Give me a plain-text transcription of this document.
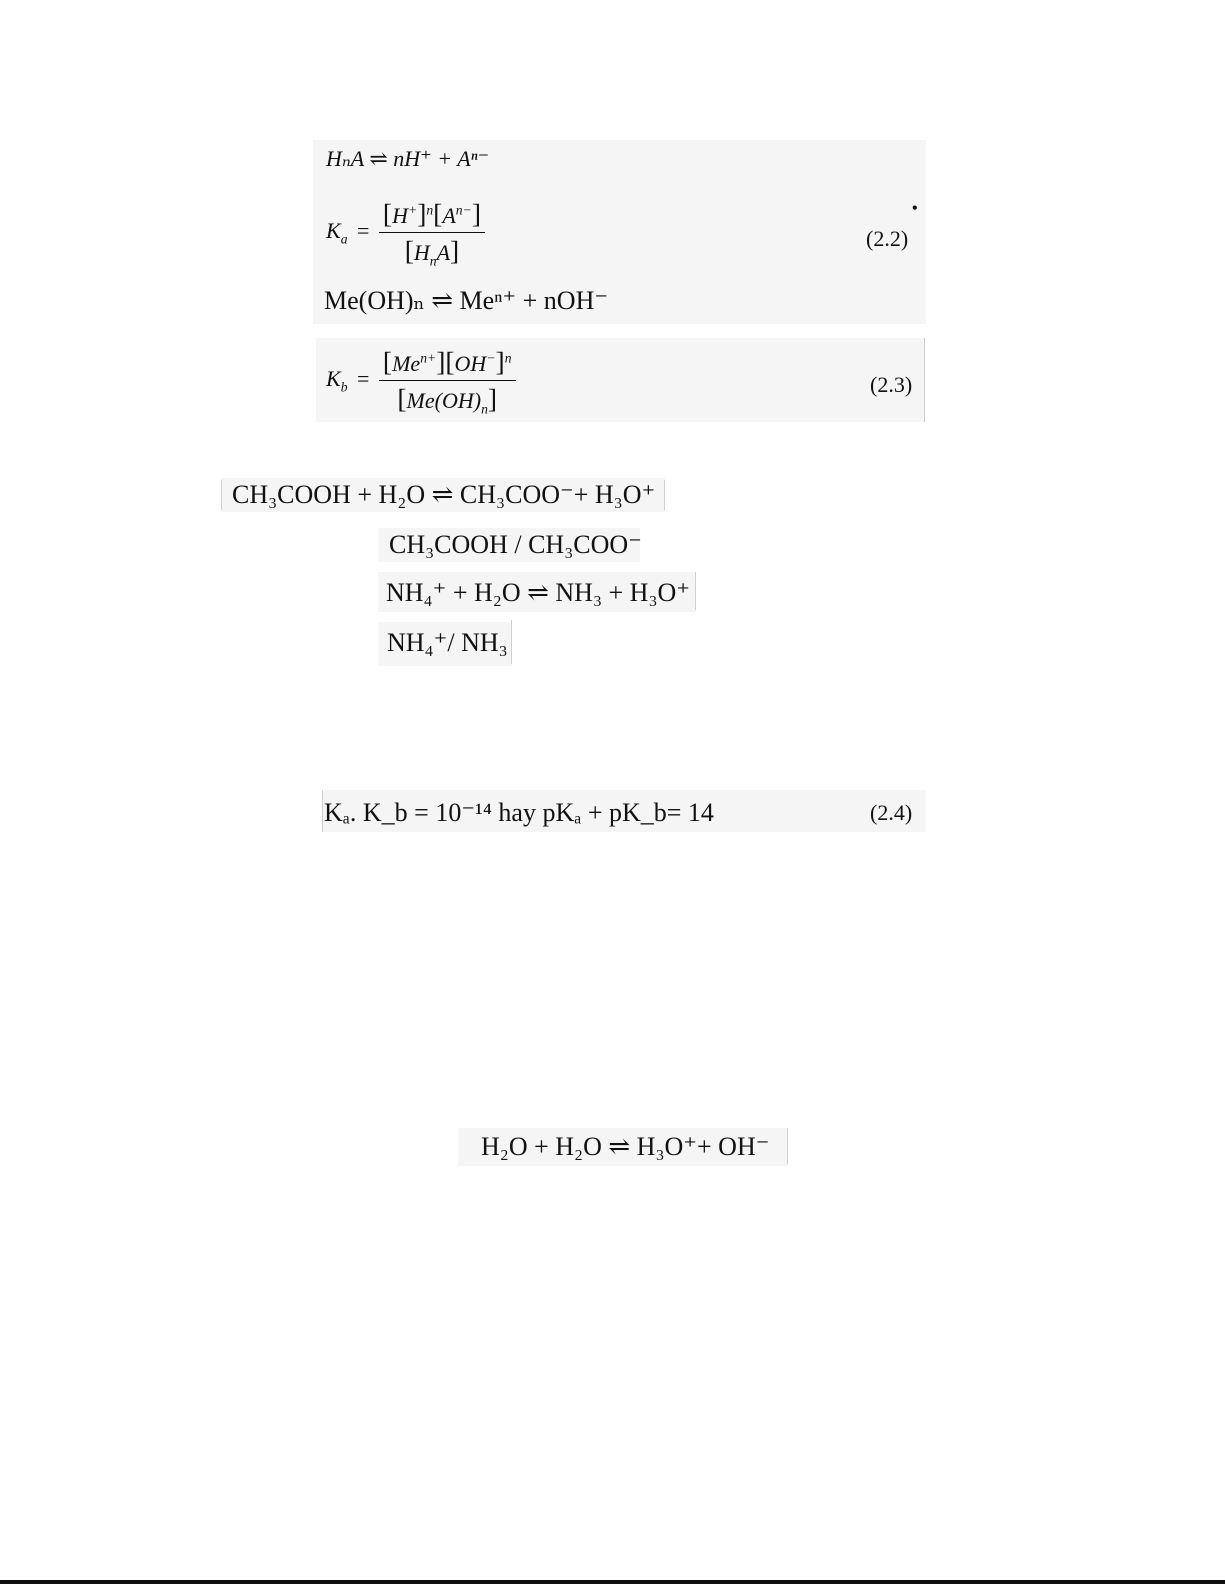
HₙA ⇌ nH⁺ + Aⁿ⁻
$K_a = \frac{[H^+]^n[A^{n-}]}{[H_nA]}$	(2.2)
•
Me(OH)ₙ ⇌ Meⁿ⁺ + nOH⁻
$K_b = \frac{[Me^{n+}][OH^-]^n}{[Me(OH)_n]}$	(2.3)
CH₃COOH + H₂O ⇌ CH₃COO⁻+ H₃O⁺
CH₃COOH / CH₃COO⁻
NH₄⁺ + H₂O ⇌ NH₃ + H₃O⁺
NH₄⁺/ NH₃
Kₐ. K_b = 10⁻¹⁴ hay pKₐ + pK_b= 14	(2.4)
H₂O + H₂O ⇌ H₃O⁺+ OH⁻
